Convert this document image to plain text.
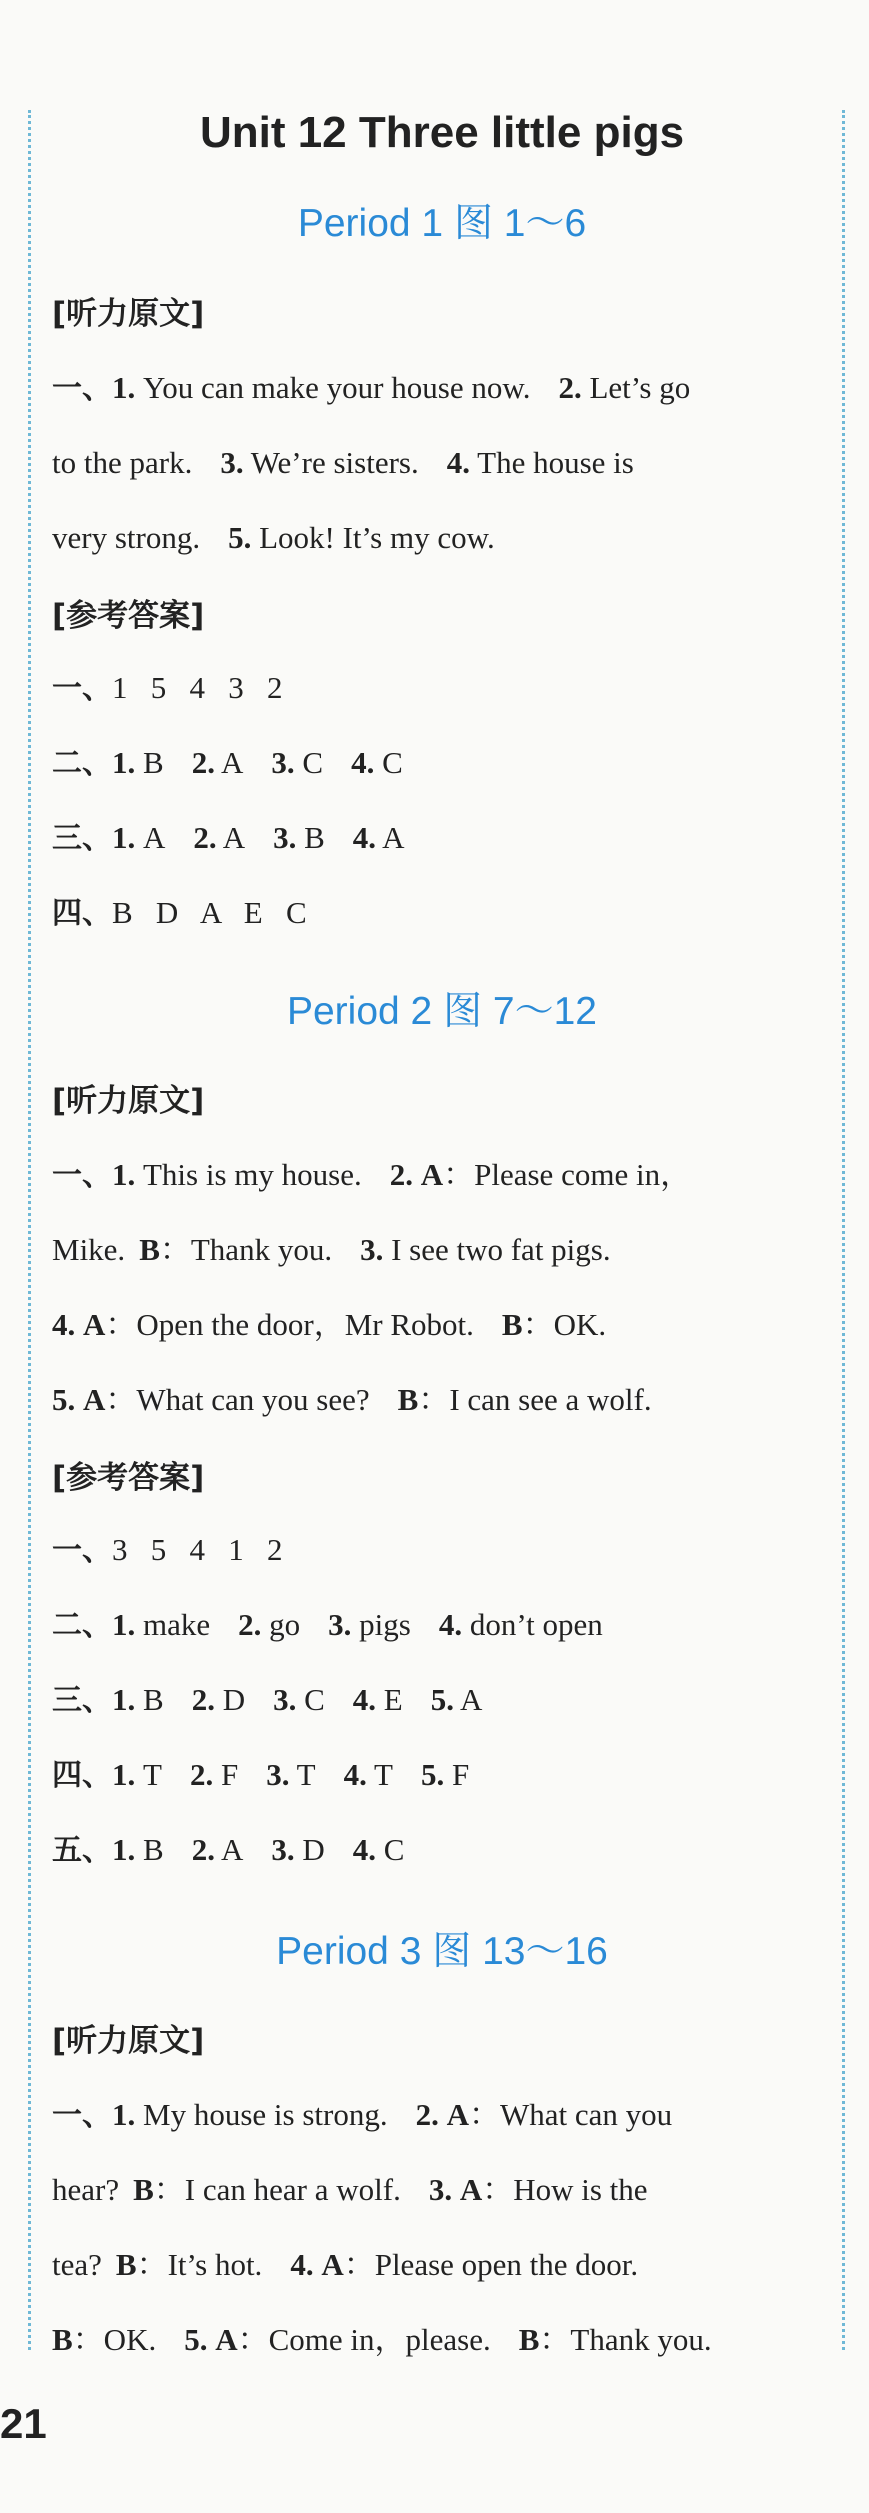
Unit 12 Three little pigs
Period 1 图 1～6
[听力原文]
一、1. You can make your house now. 2. Let’s go
to the park. 3. We’re sisters. 4. The house is
very strong. 5. Look! It’s my cow.
[参考答案]
一、1   5   4   3   2
二、1. B 2. A 3. C 4. C
三、1. A 2. A 3. B 4. A
四、B   D   A   E   C
Period 2 图 7～12
[听力原文]
一、1. This is my house. 2. A：Please come in，
Mike. B：Thank you. 3. I see two fat pigs.
4. A：Open the door，Mr Robot. B：OK.
5. A：What can you see? B：I can see a wolf.
[参考答案]
一、3   5   4   1   2
二、1. make 2. go 3. pigs 4. don’t open
三、1. B 2. D 3. C 4. E 5. A
四、1. T 2. F 3. T 4. T 5. F
五、1. B 2. A 3. D 4. C
Period 3 图 13～16
[听力原文]
一、1. My house is strong. 2. A：What can you
hear? B：I can hear a wolf. 3. A：How is the
tea? B：It’s hot. 4. A：Please open the door.
B：OK. 5. A：Come in，please. B：Thank you.
21
